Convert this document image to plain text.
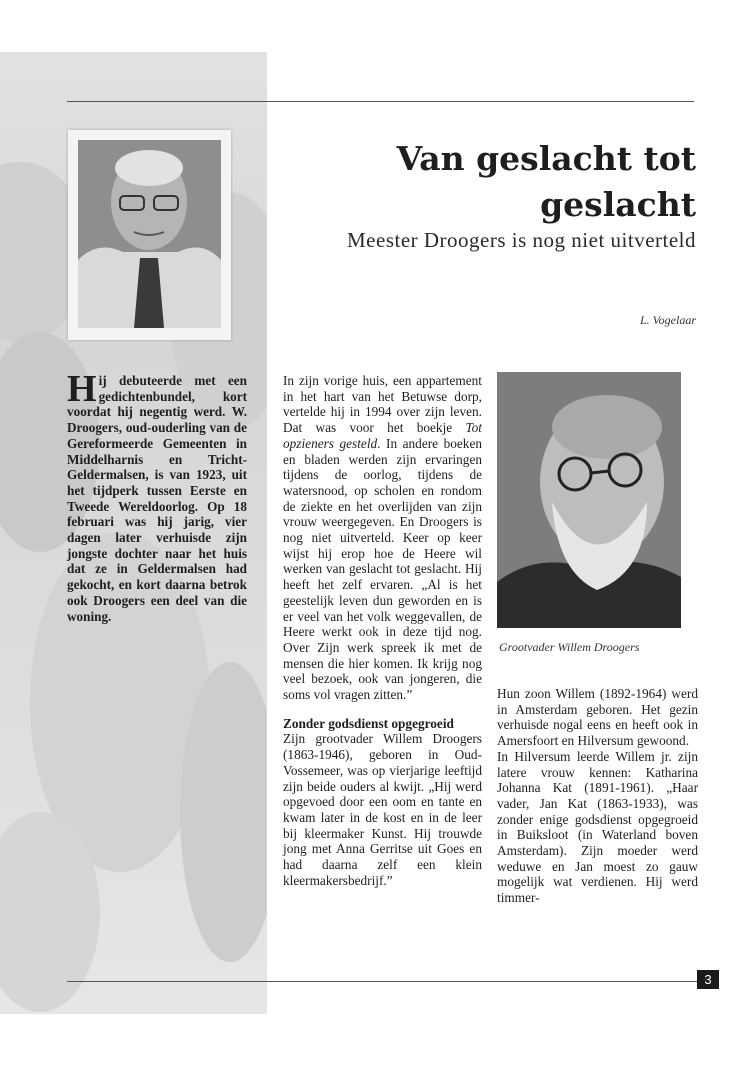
Van geslacht tot geslacht
Meester Droogers is nog niet uitverteld
L. Vogelaar
Hij debuteerde met een gedichtenbundel, kort voordat hij negentig werd. W. Droogers, oud-ouderling van de Gereformeerde Gemeenten in Middelharnis en Tricht-Geldermalsen, is van 1923, uit het tijdperk tussen Eerste en Tweede Wereldoorlog. Op 18 februari was hij jarig, vier dagen later verhuisde zijn jongste dochter naar het huis dat ze in Geldermalsen had gekocht, en kort daarna betrok ook Droogers een deel van die woning.

In zijn vorige huis, een appartement in het hart van het Betuwse dorp, vertelde hij in 1994 over zijn leven. Dat was voor het boekje Tot opzieners gesteld. In andere boeken en bladen werden zijn ervaringen tijdens de oorlog, tijdens de watersnood, op scholen en rondom de ziekte en het overlijden van zijn vrouw weergegeven. En Droogers is nog niet uitverteld. Keer op keer wijst hij erop hoe de Heere wil werken van geslacht tot geslacht. Hij heeft het zelf ervaren. „Al is het geestelijk leven dun geworden en is er veel van het volk weggevallen, de Heere werkt ook in deze tijd nog. Over Zijn werk spreek ik met de mensen die hier komen. Ik krijg nog veel bezoek, ook van jongeren, die soms vol vragen zitten.”

Zonder godsdienst opgegroeid

Zijn grootvader Willem Droogers (1863-1946), geboren in Oud-Vossemeer, was op vierjarige leeftijd zijn beide ouders al kwijt. „Hij werd opgevoed door een oom en tante en kwam later in de kost en in de leer bij kleermaker Kunst. Hij trouwde jong met Anna Gerritse uit Goes en had daarna zelf een klein kleermakersbedrijf.”

Grootvader Willem Droogers

Hun zoon Willem (1892-1964) werd in Amsterdam geboren. Het gezin verhuisde nogal eens en heeft ook in Amersfoort en Hilversum gewoond.

In Hilversum leerde Willem jr. zijn latere vrouw kennen: Katharina Johanna Kat (1891-1961). „Haar vader, Jan Kat (1863-1933), was zonder enige godsdienst opgegroeid in Buiksloot (in Waterland boven Amsterdam). Zijn moeder werd weduwe en Jan moest zo gauw mogelijk wat verdienen. Hij werd timmer-

3
